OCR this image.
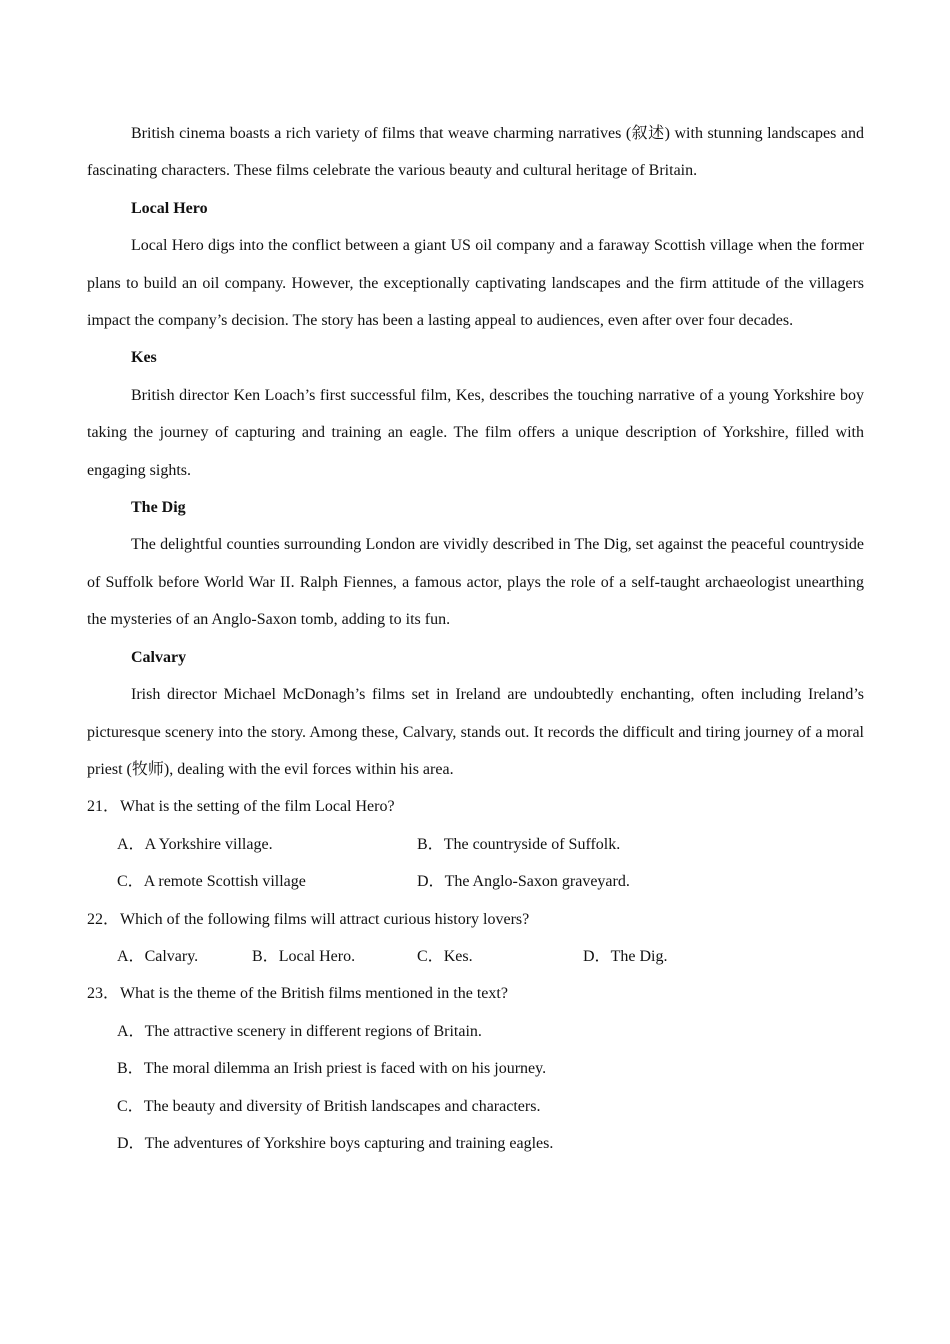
British cinema boasts a rich variety of films that weave charming narratives (叙述) with stunning landscapes and fascinating characters. These films celebrate the various beauty and cultural heritage of Britain.

Local Hero

Local Hero digs into the conflict between a giant US oil company and a faraway Scottish village when the former plans to build an oil company. However, the exceptionally captivating landscapes and the firm attitude of the villagers impact the company’s decision. The story has been a lasting appeal to audiences, even after over four decades.

Kes

British director Ken Loach’s first successful film, Kes, describes the touching narrative of a young Yorkshire boy taking the journey of capturing and training an eagle. The film offers a unique description of Yorkshire, filled with engaging sights.

The Dig

The delightful counties surrounding London are vividly described in The Dig, set against the peaceful countryside of Suffolk before World War II. Ralph Fiennes, a famous actor, plays the role of a self-taught archaeologist unearthing the mysteries of an Anglo-Saxon tomb, adding to its fun.

Calvary

Irish director Michael McDonagh’s films set in Ireland are undoubtedly enchanting, often including Ireland’s picturesque scenery into the story. Among these, Calvary, stands out. It records the difficult and tiring journey of a moral priest (牧师), dealing with the evil forces within his area.

21．What is the setting of the film Local Hero?

A．A Yorkshire village.	B．The countryside of Suffolk.
C．A remote Scottish village	D．The Anglo-Saxon graveyard.

22．Which of the following films will attract curious history lovers?

A．Calvary.	B．Local Hero.	C．Kes.	D．The Dig.

23．What is the theme of the British films mentioned in the text?

A．The attractive scenery in different regions of Britain.

B．The moral dilemma an Irish priest is faced with on his journey.

C．The beauty and diversity of British landscapes and characters.

D．The adventures of Yorkshire boys capturing and training eagles.
